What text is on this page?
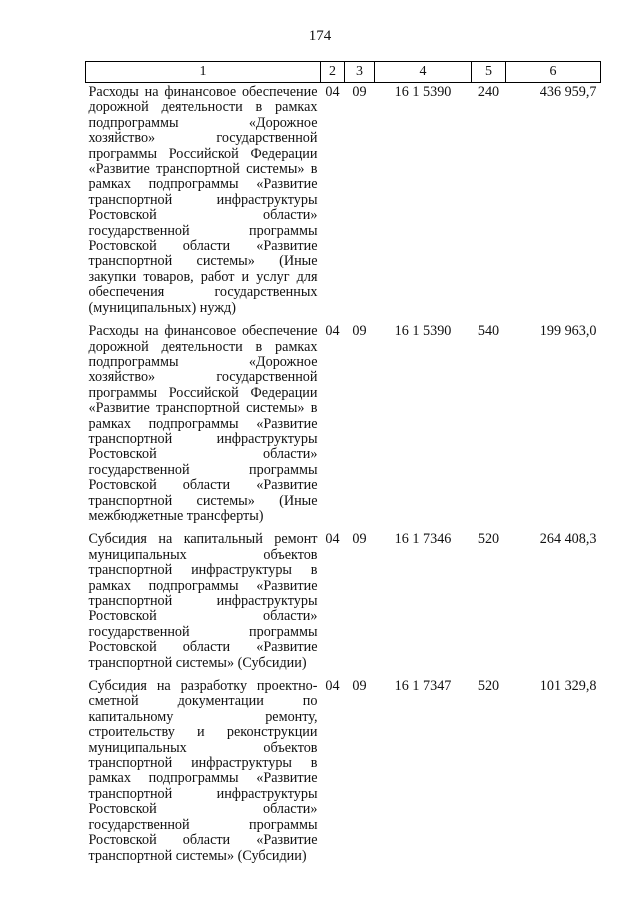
174
1	2	3	4	5	6
Расходы на финансовое обеспечение дорожной деятельности в рамках подпрограммы «Дорожное хозяйство» государственной программы Российской Федерации «Развитие транспортной системы» в рамках подпрограммы «Развитие транспортной инфраструктуры Ростовской области» государственной программы Ростовской области «Развитие транспортной системы» (Иные закупки товаров, работ и услуг для обеспечения государственных (муниципальных) нужд)	04	09	16 1 5390	240	436 959,7
Расходы на финансовое обеспечение дорожной деятельности в рамках подпрограммы «Дорожное хозяйство» государственной программы Российской Федерации «Развитие транспортной системы» в рамках подпрограммы «Развитие транспортной инфраструктуры Ростовской области» государственной программы Ростовской области «Развитие транспортной системы» (Иные межбюджетные трансферты)	04	09	16 1 5390	540	199 963,0
Субсидия на капитальный ремонт муниципальных объектов транспортной инфраструктуры в рамках подпрограммы «Развитие транспортной инфраструктуры Ростовской области» государственной программы Ростовской области «Развитие транспортной системы» (Субсидии)	04	09	16 1 7346	520	264 408,3
Субсидия на разработку проектно-сметной документации по капитальному ремонту, строительству и реконструкции муниципальных объектов транспортной инфраструктуры в рамках подпрограммы «Развитие транспортной инфраструктуры Ростовской области» государственной программы Ростовской области «Развитие транспортной системы» (Субсидии)	04	09	16 1 7347	520	101 329,8
